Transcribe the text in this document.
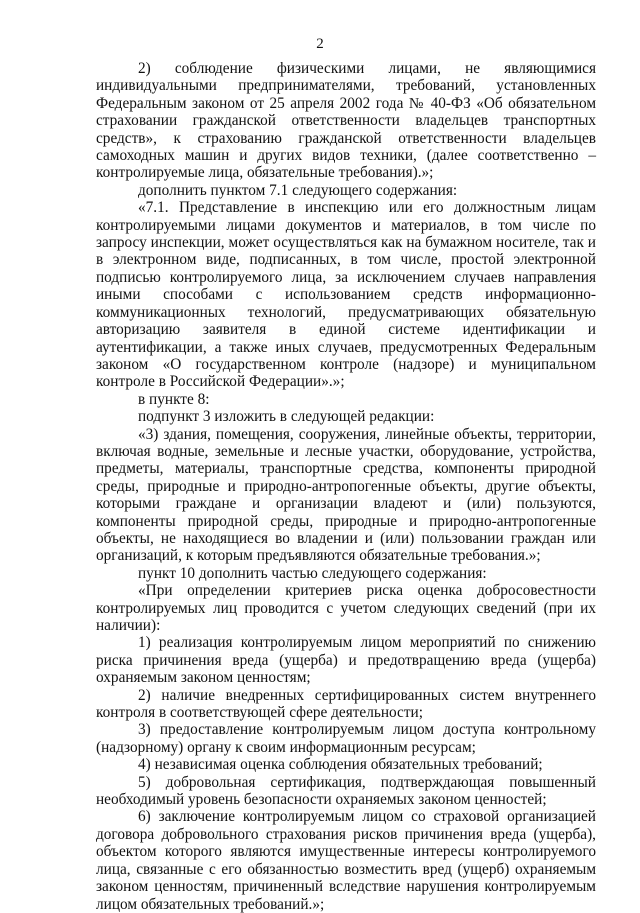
2

2) соблюдение физическими лицами, не являющимися индивидуальными предпринимателями, требований, установленных Федеральным законом от 25 апреля 2002 года № 40-ФЗ «Об обязательном страховании гражданской ответственности владельцев транспортных средств», к страхованию гражданской ответственности владельцев самоходных машин и других видов техники, (далее соответственно – контролируемые лица, обязательные требования).»;

дополнить пунктом 7.1 следующего содержания:

«7.1. Представление в инспекцию или его должностным лицам контролируемыми лицами документов и материалов, в том числе по запросу инспекции, может осуществляться как на бумажном носителе, так и в электронном виде, подписанных, в том числе, простой электронной подписью контролируемого лица, за исключением случаев направления иными способами с использованием средств информационно-коммуникационных технологий, предусматривающих обязательную авторизацию заявителя в единой системе идентификации и аутентификации, а также иных случаев, предусмотренных Федеральным законом «О государственном контроле (надзоре) и муниципальном контроле в Российской Федерации».»;

в пункте 8:

подпункт 3 изложить в следующей редакции:

«3) здания, помещения, сооружения, линейные объекты, территории, включая водные, земельные и лесные участки, оборудование, устройства, предметы, материалы, транспортные средства, компоненты природной среды, природные и природно-антропогенные объекты, другие объекты, которыми граждане и организации владеют и (или) пользуются, компоненты природной среды, природные и природно-антропогенные объекты, не находящиеся во владении и (или) пользовании граждан или организаций, к которым предъявляются обязательные требования.»;

пункт 10 дополнить частью следующего содержания:

«При определении критериев риска оценка добросовестности контролируемых лиц проводится с учетом следующих сведений (при их наличии):

1) реализация контролируемым лицом мероприятий по снижению риска причинения вреда (ущерба) и предотвращению вреда (ущерба) охраняемым законом ценностям;

2) наличие внедренных сертифицированных систем внутреннего контроля в соответствующей сфере деятельности;

3) предоставление контролируемым лицом доступа контрольному (надзорному) органу к своим информационным ресурсам;

4) независимая оценка соблюдения обязательных требований;

5) добровольная сертификация, подтверждающая повышенный необходимый уровень безопасности охраняемых законом ценностей;

6) заключение контролируемым лицом со страховой организацией договора добровольного страхования рисков причинения вреда (ущерба), объектом которого являются имущественные интересы контролируемого лица, связанные с его обязанностью возместить вред (ущерб) охраняемым законом ценностям, причиненный вследствие нарушения контролируемым лицом обязательных требований.»;
